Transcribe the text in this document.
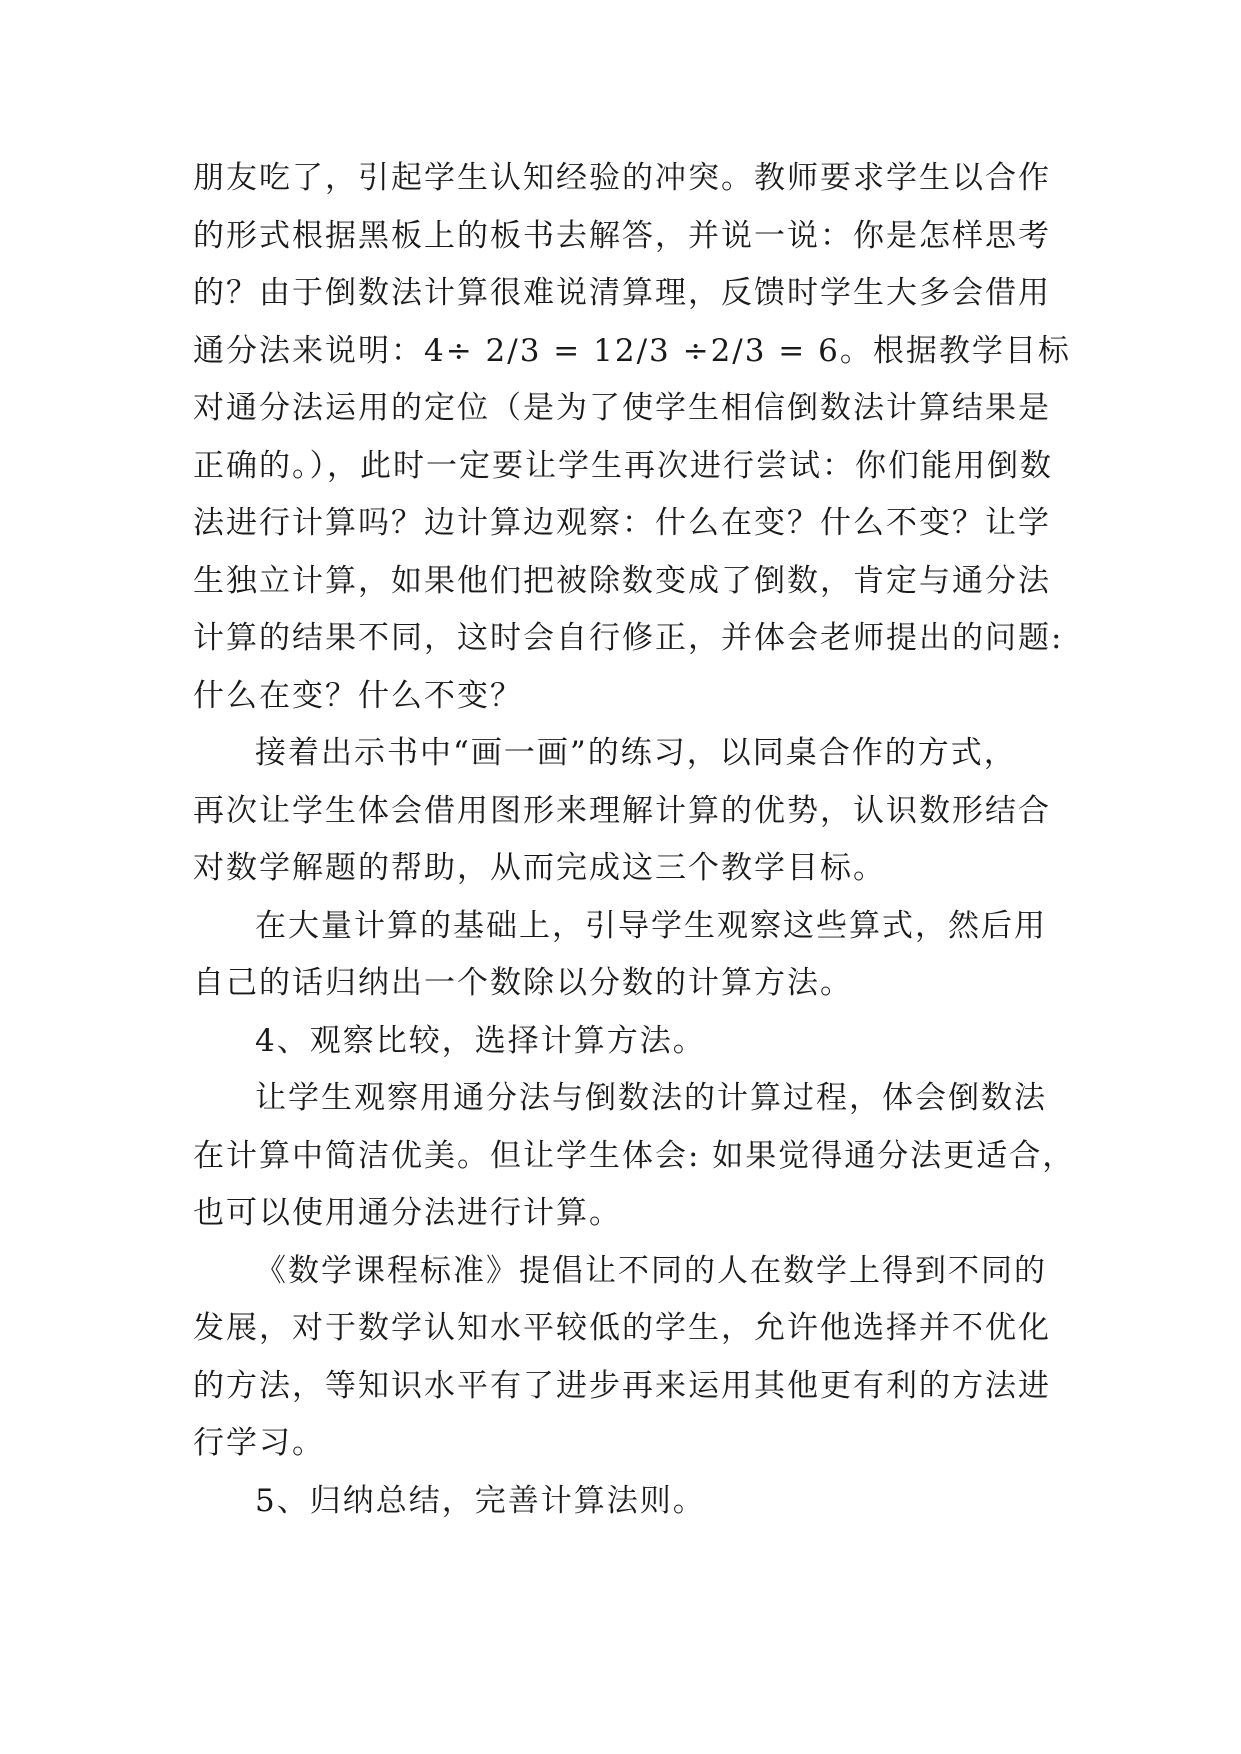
朋友吃了，引起学生认知经验的冲突。教师要求学生以合作
的形式根据黑板上的板书去解答，并说一说：你是怎样思考
的？由于倒数法计算很难说清算理，反馈时学生大多会借用
通分法来说明：4÷ 2/3 = 12/3 ÷2/3 = 6。根据教学目标
对通分法运用的定位（是为了使学生相信倒数法计算结果是
正确的。），此时一定要让学生再次进行尝试：你们能用倒数
法进行计算吗？边计算边观察：什么在变？什么不变？让学
生独立计算，如果他们把被除数变成了倒数，肯定与通分法
计算的结果不同，这时会自行修正，并体会老师提出的问题:
什么在变？什么不变？
接着出示书中“画一画”的练习，以同桌合作的方式，
再次让学生体会借用图形来理解计算的优势，认识数形结合
对数学解题的帮助，从而完成这三个教学目标。
在大量计算的基础上，引导学生观察这些算式，然后用
自己的话归纳出一个数除以分数的计算方法。
4、观察比较，选择计算方法。
让学生观察用通分法与倒数法的计算过程，体会倒数法
在计算中简洁优美。但让学生体会: 如果觉得通分法更适合，
也可以使用通分法进行计算。
《数学课程标准》提倡让不同的人在数学上得到不同的
发展，对于数学认知水平较低的学生，允许他选择并不优化
的方法，等知识水平有了进步再来运用其他更有利的方法进
行学习。
5、归纳总结，完善计算法则。
